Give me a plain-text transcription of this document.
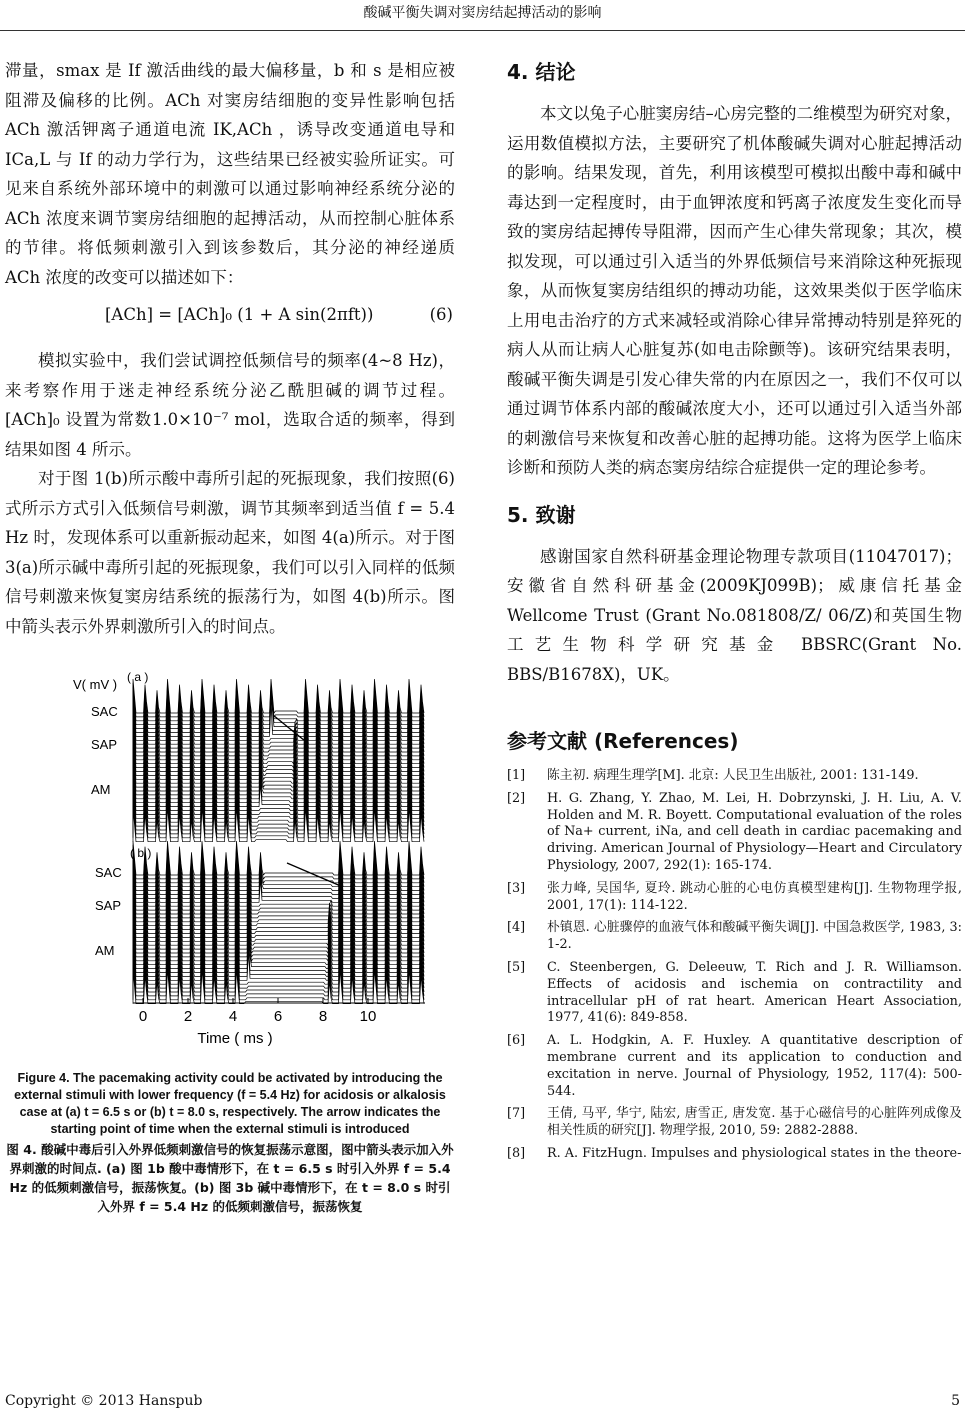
酸碱平衡失调对窦房结起搏活动的影响

滞量，smax 是 If 激活曲线的最大偏移量，b 和 s 是相应被阻滞及偏移的比例。ACh 对窦房结细胞的变异性影响包括 ACh 激活钾离子通道电流 IK,ACh ，诱导改变通道电导和 ICa,L 与 If 的动力学行为，这些结果已经被实验所证实。可见来自系统外部环境中的刺激可以通过影响神经系统分泌的 ACh 浓度来调节窦房结细胞的起搏活动，从而控制心脏体系的节律。将低频刺激引入到该参数后，其分泌的神经递质 ACh 浓度的改变可以描述如下：

[ACh] = [ACh]₀ (1 + A sin(2πft))	(6)

模拟实验中，我们尝试调控低频信号的频率(4~8 Hz)，来考察作用于迷走神经系统分泌乙酰胆碱的调节过程。[ACh]₀ 设置为常数1.0×10⁻⁷ mol，选取合适的频率，得到结果如图 4 所示。

对于图 1(b)所示酸中毒所引起的死振现象，我们按照(6)式所示方式引入低频信号刺激，调节其频率到适当值 f = 5.4 Hz 时，发现体系可以重新振动起来，如图 4(a)所示。对于图 3(a)所示碱中毒所引起的死振现象，我们可以引入同样的低频信号刺激来恢复窦房结系统的振荡行为，如图 4(b)所示。图中箭头表示外界刺激所引入的时间点。

0 2 4 6 8 10
V( mV ) ( a )
( b )
SAC
SAP
AM
SAC
SAP
AM
Time ( ms )

Figure 4. The pacemaking activity could be activated by introducing the external stimuli with lower frequency (f = 5.4 Hz) for acidosis or alkalosis case at (a) t = 6.5 s or (b) t = 8.0 s, respectively. The arrow indicates the starting point of time when the external stimuli is introduced

图 4. 酸碱中毒后引入外界低频刺激信号的恢复振荡示意图，图中箭头表示加入外界刺激的时间点. (a) 图 1b 酸中毒情形下，在 t = 6.5 s 时引入外界 f = 5.4 Hz 的低频刺激信号，振荡恢复。(b) 图 3b 碱中毒情形下，在 t = 8.0 s 时引入外界 f = 5.4 Hz 的低频刺激信号，振荡恢复

4. 结论

本文以兔子心脏窦房结–心房完整的二维模型为研究对象，运用数值模拟方法，主要研究了机体酸碱失调对心脏起搏活动的影响。结果发现，首先，利用该模型可模拟出酸中毒和碱中毒达到一定程度时，由于血钾浓度和钙离子浓度发生变化而导致的窦房结起搏传导阻滞，因而产生心律失常现象；其次，模拟发现，可以通过引入适当的外界低频信号来消除这种死振现象，从而恢复窦房结组织的搏动功能，这效果类似于医学临床上用电击治疗的方式来减轻或消除心律异常搏动特别是猝死的病人从而让病人心脏复苏(如电击除颤等)。该研究结果表明，酸碱平衡失调是引发心律失常的内在原因之一，我们不仅可以通过调节体系内部的酸碱浓度大小，还可以通过引入适当外部的刺激信号来恢复和改善心脏的起搏功能。这将为医学上临床诊断和预防人类的病态窦房结综合症提供一定的理论参考。

5. 致谢

感谢国家自然科研基金理论物理专款项目(11047017)；安徽省自然科研基金(2009KJ099B)；威康信托基金 Wellcome Trust (Grant No.081808/Z/ 06/Z)和英国生物工艺生物科学研究基金 BBSRC(Grant No. BBS/B1678X)，UK。

参考文献 (References)
[1]	陈主初. 病理生理学[M]. 北京: 人民卫生出版社, 2001: 131-149.
[2]	H. G. Zhang, Y. Zhao, M. Lei, H. Dobrzynski, J. H. Liu, A. V. Holden and M. R. Boyett. Computational evaluation of the roles of Na+ current, iNa, and cell death in cardiac pacemaking and driving. American Journal of Physiology—Heart and Circulatory Physiology, 2007, 292(1): 165-174.
[3]	张力峰, 吴国华, 夏玲. 跳动心脏的心电仿真模型建构[J]. 生物物理学报, 2001, 17(1): 114-122.
[4]	朴镇恩. 心脏骤停的血液气体和酸碱平衡失调[J]. 中国急救医学, 1983, 3: 1-2.
[5]	C. Steenbergen, G. Deleeuw, T. Rich and J. R. Williamson. Effects of acidosis and ischemia on contractility and intracellular pH of rat heart. American Heart Association, 1977, 41(6): 849-858.
[6]	A. L. Hodgkin, A. F. Huxley. A quantitative description of membrane current and its application to conduction and excitation in nerve. Journal of Physiology, 1952, 117(4): 500-544.
[7]	王倩, 马平, 华宁, 陆宏, 唐雪正, 唐发宽. 基于心磁信号的心脏阵列成像及相关性质的研究[J]. 物理学报, 2010, 59: 2882-2888.
[8]	R. A. FitzHugn. Impulses and physiological states in the theore-
Copyright © 2013 Hanspub	5
